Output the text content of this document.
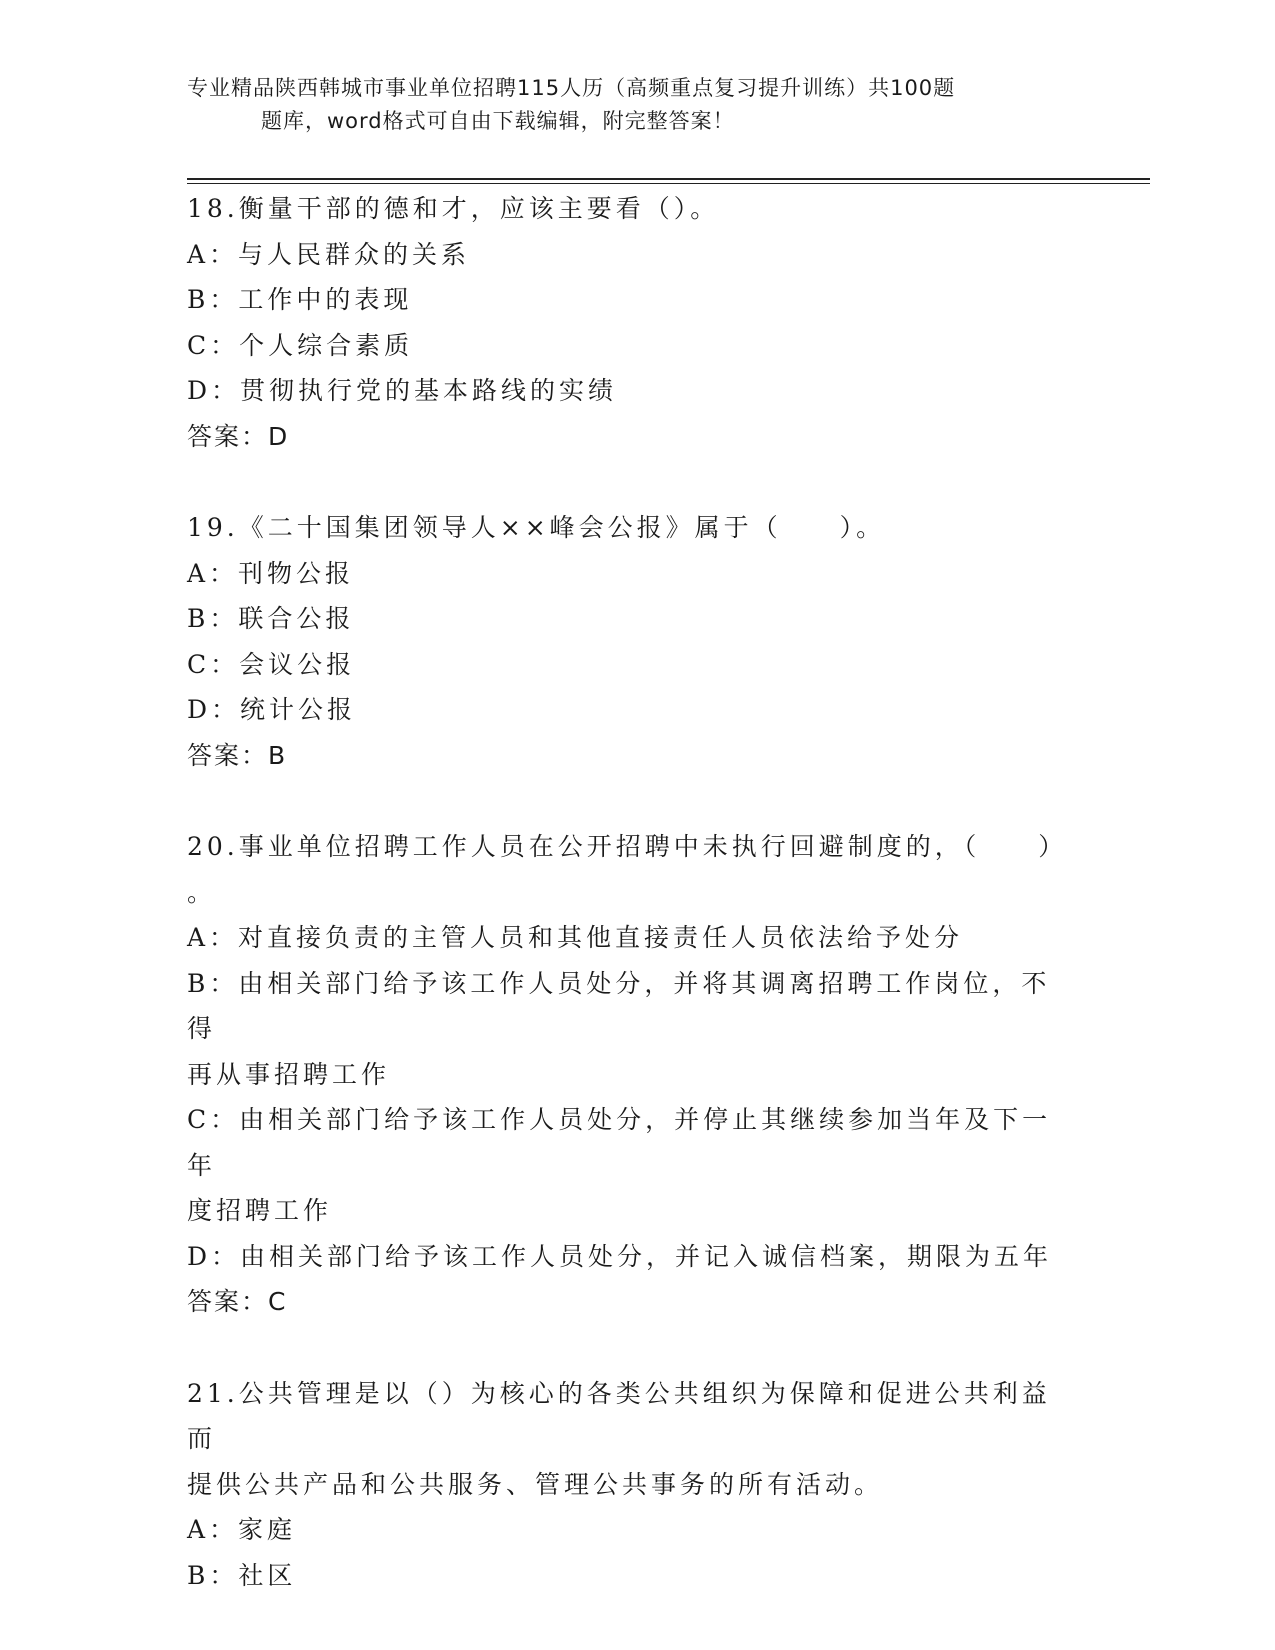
专业精品陕西韩城市事业单位招聘115人历（高频重点复习提升训练）共100题
题库，word格式可自由下载编辑，附完整答案！

18.衡量干部的德和才，应该主要看（）。

A：与人民群众的关系

B：工作中的表现

C：个人综合素质

D：贯彻执行党的基本路线的实绩

答案：D

19.《二十国集团领导人××峰会公报》属于（　　）。

A：刊物公报

B：联合公报

C：会议公报

D：统计公报

答案：B

20.事业单位招聘工作人员在公开招聘中未执行回避制度的，（　　）

。

A：对直接负责的主管人员和其他直接责任人员依法给予处分

B：由相关部门给予该工作人员处分，并将其调离招聘工作岗位，不得

再从事招聘工作

C：由相关部门给予该工作人员处分，并停止其继续参加当年及下一年

度招聘工作

D：由相关部门给予该工作人员处分，并记入诚信档案，期限为五年

答案：C

21.公共管理是以（）为核心的各类公共组织为保障和促进公共利益而

提供公共产品和公共服务、管理公共事务的所有活动。

A：家庭

B：社区
